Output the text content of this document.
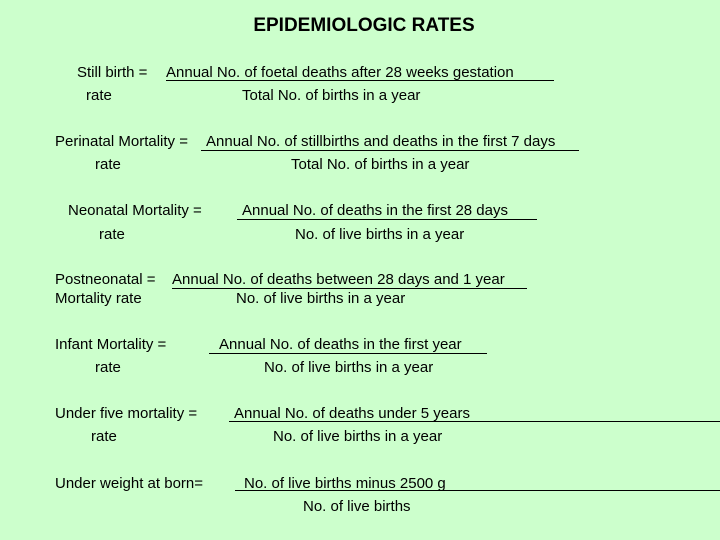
EPIDEMIOLOGIC RATES
Still birth =
rate
Annual No. of foetal deaths after 28 weeks gestation
Total No. of births in a year
Perinatal Mortality =
rate
Annual No. of stillbirths and deaths in the first 7 days
Total No. of births in a year
Neonatal Mortality =
rate
Annual No. of deaths in the first 28 days
No. of live births in a year
Postneonatal =
Mortality rate
Annual No. of deaths between 28 days and 1 year
No. of live births in a year
Infant Mortality =
rate
Annual No. of deaths in the first year
No. of live births in a year
Under five mortality =
rate
Annual No. of deaths under 5 years
No. of live births in a year
Under weight at born=	No. of live births minus 2500 g
No. of live births
